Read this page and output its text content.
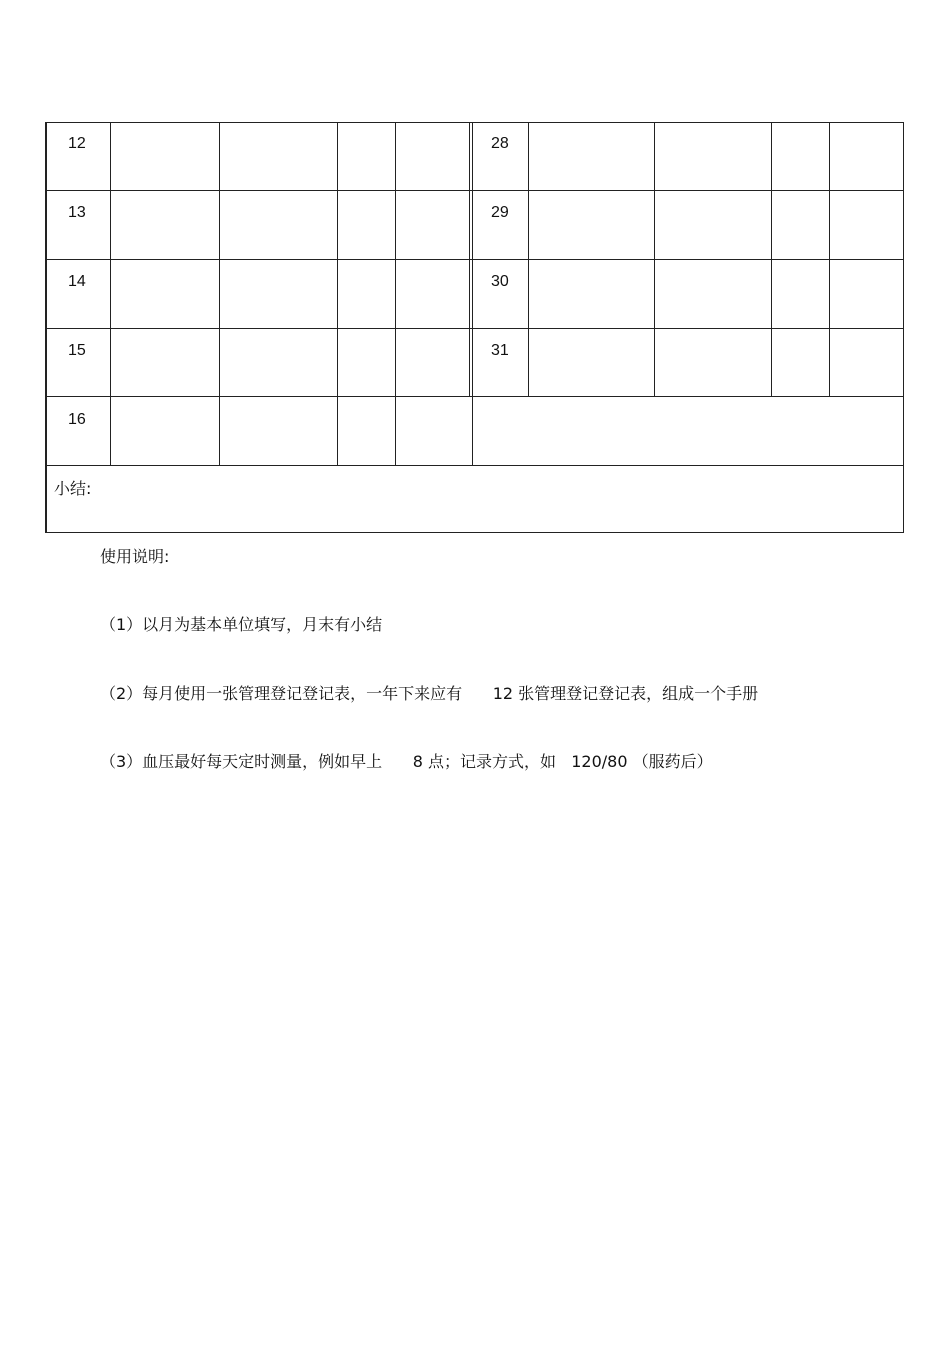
12
13
14
15
16
28
29
30
31
小结:
使用说明:
（1）以月为基本单位填写，月末有小结
（2）每月使用一张管理登记登记表，一年下来应有      12 张管理登记登记表，组成一个手册
（3）血压最好每天定时测量，例如早上      8 点；记录方式，如   120/80 （服药后）
